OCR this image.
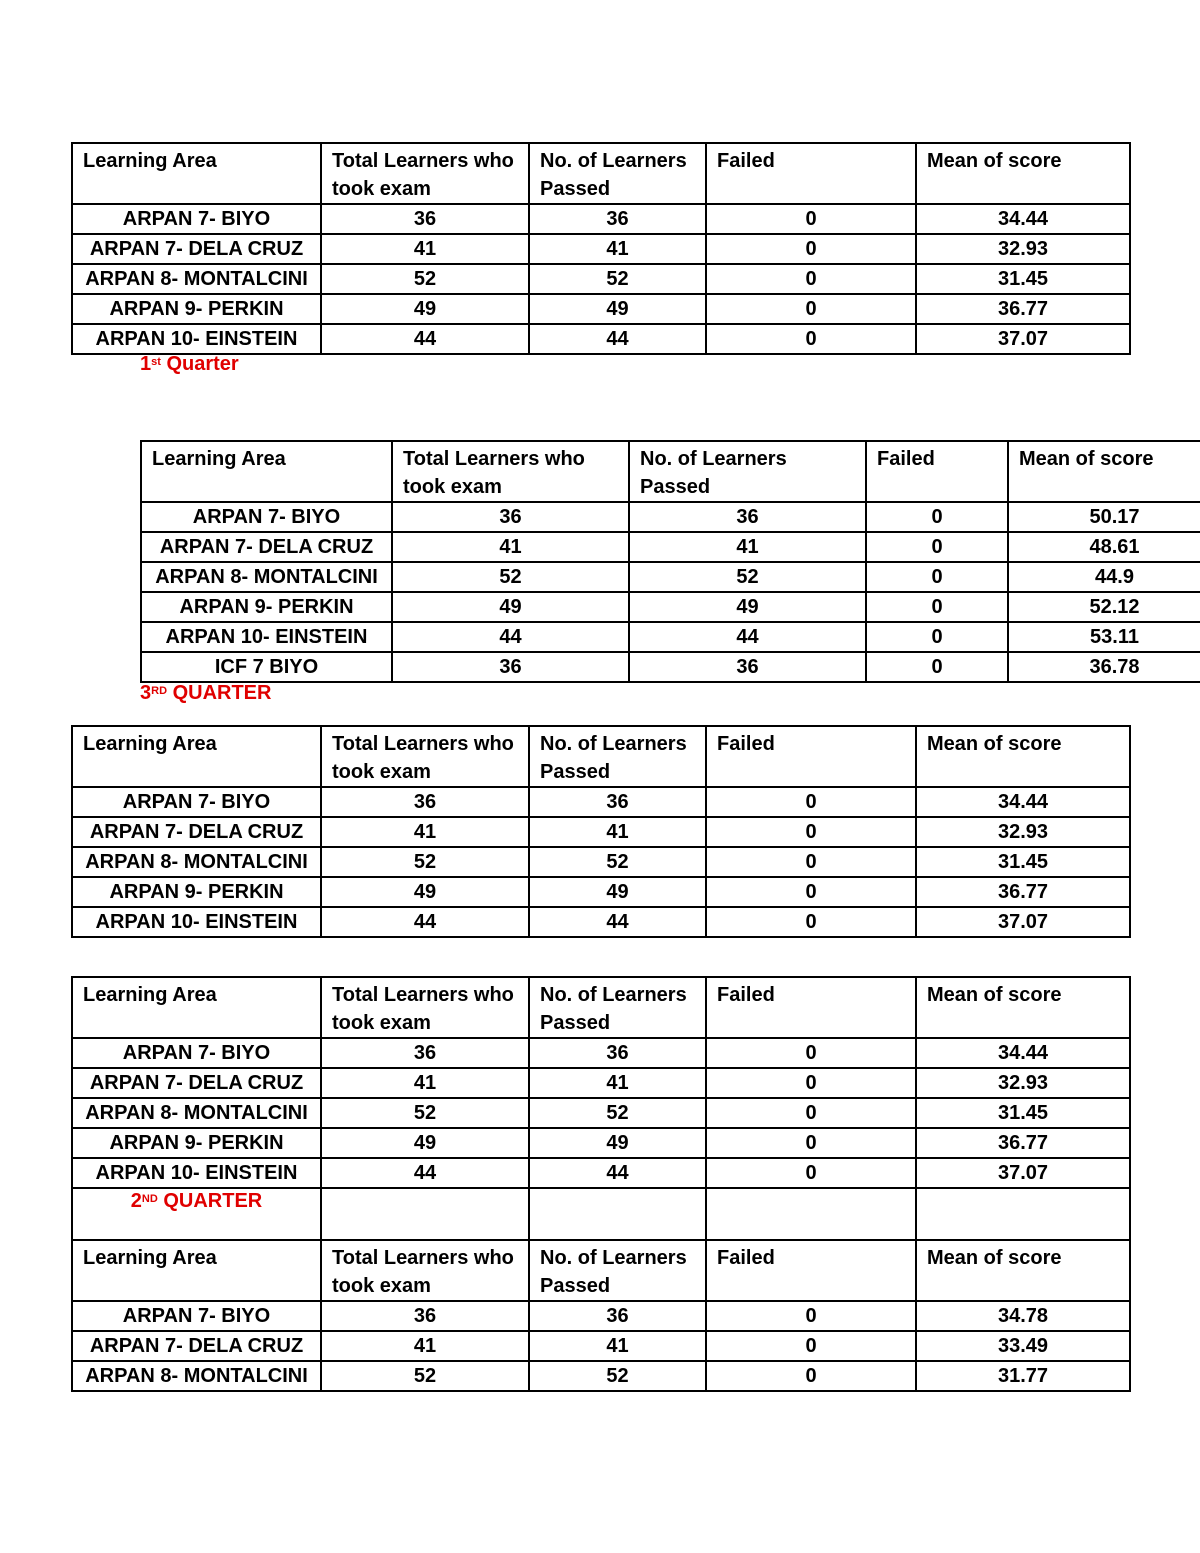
Learning Area	Total Learners who took exam	No. of Learners Passed	Failed	Mean of score
ARPAN 7- BIYO	36	36	0	34.44
ARPAN 7- DELA CRUZ	41	41	0	32.93
ARPAN 8- MONTALCINI	52	52	0	31.45
ARPAN 9- PERKIN	49	49	0	36.77
ARPAN 10- EINSTEIN	44	44	0	37.07
1st Quarter
Learning Area	Total Learners who took exam	No. of Learners Passed	Failed	Mean of score
ARPAN 7- BIYO	36	36	0	50.17
ARPAN 7- DELA CRUZ	41	41	0	48.61
ARPAN 8- MONTALCINI	52	52	0	44.9
ARPAN 9- PERKIN	49	49	0	52.12
ARPAN 10- EINSTEIN	44	44	0	53.11
ICF 7 BIYO	36	36	0	36.78
3RD QUARTER
Learning Area	Total Learners who took exam	No. of Learners Passed	Failed	Mean of score
ARPAN 7- BIYO	36	36	0	34.44
ARPAN 7- DELA CRUZ	41	41	0	32.93
ARPAN 8- MONTALCINI	52	52	0	31.45
ARPAN 9- PERKIN	49	49	0	36.77
ARPAN 10- EINSTEIN	44	44	0	37.07
Learning Area	Total Learners who took exam	No. of Learners Passed	Failed	Mean of score
ARPAN 7- BIYO	36	36	0	34.44
ARPAN 7- DELA CRUZ	41	41	0	32.93
ARPAN 8- MONTALCINI	52	52	0	31.45
ARPAN 9- PERKIN	49	49	0	36.77
ARPAN 10- EINSTEIN	44	44	0	37.07
2ND QUARTER				
Learning Area	Total Learners who took exam	No. of Learners Passed	Failed	Mean of score
ARPAN 7- BIYO	36	36	0	34.78
ARPAN 7- DELA CRUZ	41	41	0	33.49
ARPAN 8- MONTALCINI	52	52	0	31.77
